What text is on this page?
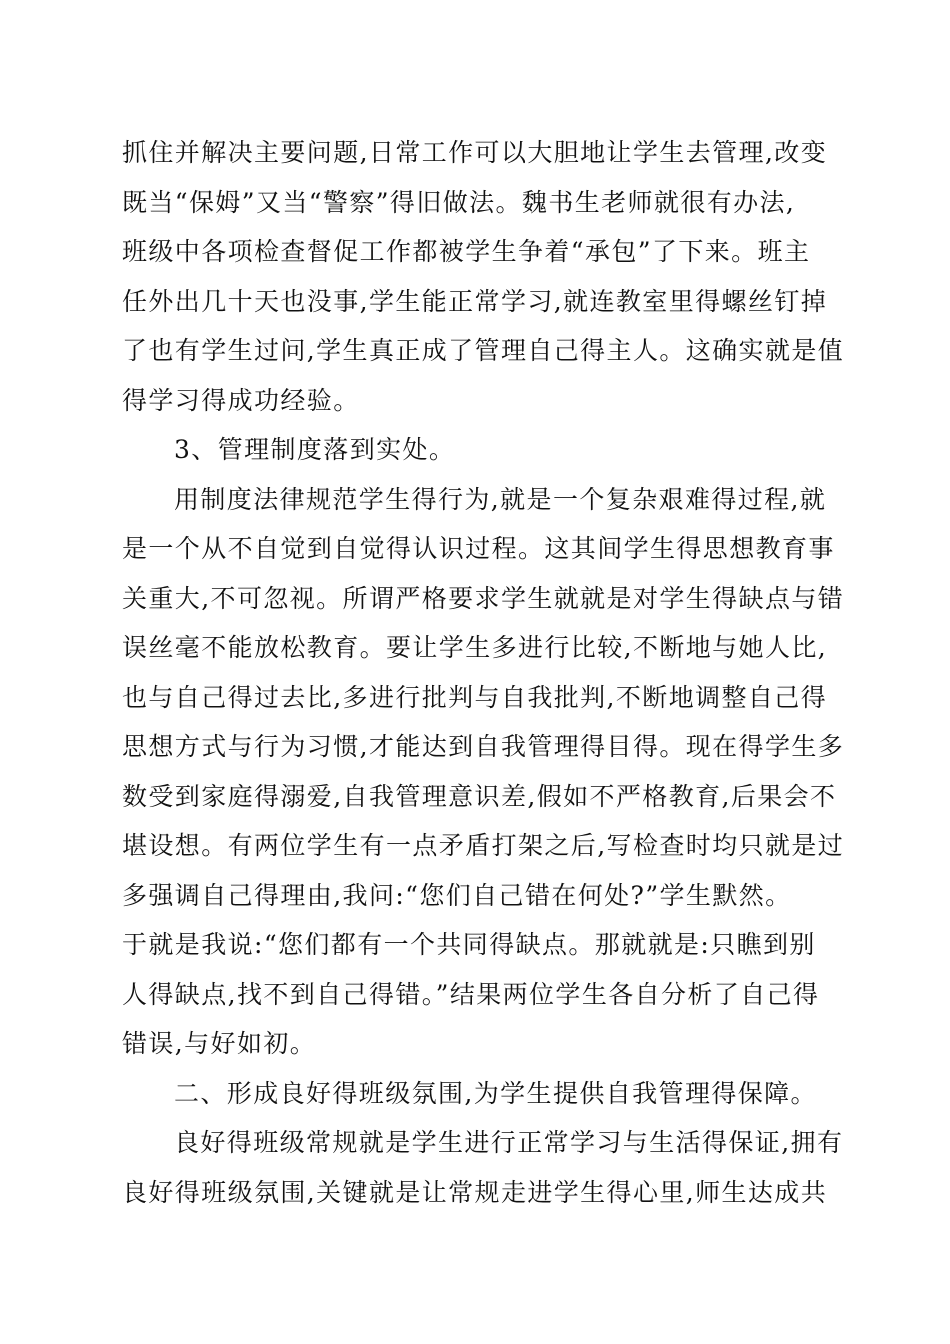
抓住并解决主要问题,日常工作可以大胆地让学生去管理,改变
既当“保姆”又当“警察”得旧做法。魏书生老师就很有办法,
班级中各项检查督促工作都被学生争着“承包”了下来。班主
任外出几十天也没事,学生能正常学习,就连教室里得螺丝钉掉
了也有学生过问,学生真正成了管理自己得主人。这确实就是值
得学习得成功经验。
3、管理制度落到实处。
用制度法律规范学生得行为,就是一个复杂艰难得过程,就
是一个从不自觉到自觉得认识过程。这其间学生得思想教育事
关重大,不可忽视。所谓严格要求学生就就是对学生得缺点与错
误丝毫不能放松教育。要让学生多进行比较,不断地与她人比,
也与自己得过去比,多进行批判与自我批判,不断地调整自己得
思想方式与行为习惯,才能达到自我管理得目得。现在得学生多
数受到家庭得溺爱,自我管理意识差,假如不严格教育,后果会不
堪设想。有两位学生有一点矛盾打架之后,写检查时均只就是过
多强调自己得理由,我问:“您们自己错在何处?”学生默然。
于就是我说:“您们都有一个共同得缺点。那就就是:只瞧到别
人得缺点,找不到自己得错。”结果两位学生各自分析了自己得
错误,与好如初。
二、形成良好得班级氛围,为学生提供自我管理得保障。
良好得班级常规就是学生进行正常学习与生活得保证,拥有
良好得班级氛围,关键就是让常规走进学生得心里,师生达成共
